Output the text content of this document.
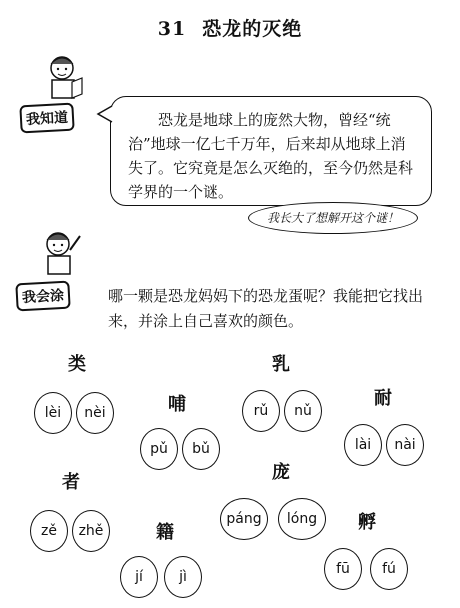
31 恐龙的灭绝
我知道	恐龙是地球上的庞然大物，曾经“统治”地球一亿七千万年，后来却从地球上消失了。它究竟是怎么灭绝的，至今仍然是科学界的一个谜。
我长大了想解开这个谜！
我会涂	哪一颗是恐龙妈妈下的恐龙蛋呢？我能把它找出来，并涂上自己喜欢的颜色。
类
lèi	nèi	哺
pǔ	bǔ
乳
rǔ	nǔ
耐
lài	nài
者
zě	zhě	籍
jí	jì
庞
páng	lóng	孵
fū	fú
